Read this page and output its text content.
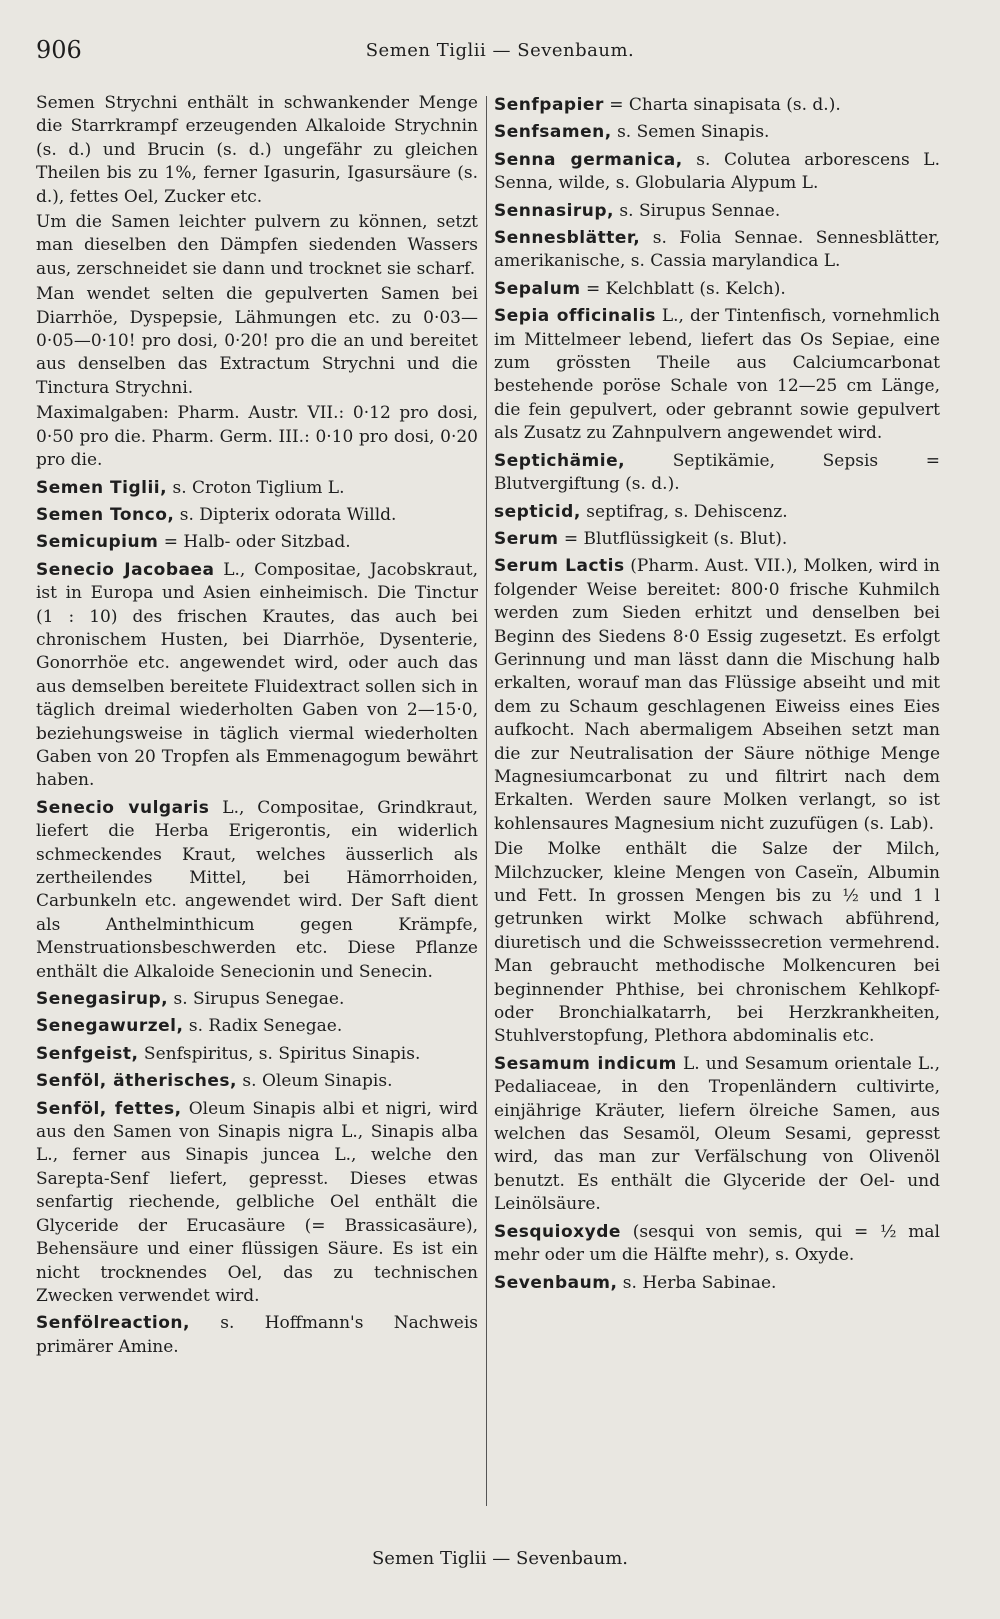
906	Semen Tiglii — Sevenbaum.

Semen Strychni enthält in schwankender Menge die Starrkrampf erzeugenden Alkaloide Strychnin (s. d.) und Brucin (s. d.) ungefähr zu gleichen Theilen bis zu 1%, ferner Igasurin, Igasursäure (s. d.), fettes Oel, Zucker etc.

Um die Samen leichter pulvern zu können, setzt man dieselben den Dämpfen siedenden Wassers aus, zerschneidet sie dann und trocknet sie scharf.

Man wendet selten die gepulverten Samen bei Diarrhöe, Dyspepsie, Lähmungen etc. zu 0·03—0·05—0·10! pro dosi, 0·20! pro die an und bereitet aus denselben das Extractum Strychni und die Tinctura Strychni.

Maximalgaben: Pharm. Austr. VII.: 0·12 pro dosi, 0·50 pro die. Pharm. Germ. III.: 0·10 pro dosi, 0·20 pro die.

Semen Tiglii, s. Croton Tiglium L.

Semen Tonco, s. Dipterix odorata Willd.

Semicupium = Halb- oder Sitzbad.

Senecio Jacobaea L., Compositae, Jacobskraut, ist in Europa und Asien einheimisch. Die Tinctur (1 : 10) des frischen Krautes, das auch bei chronischem Husten, bei Diarrhöe, Dysenterie, Gonorrhöe etc. angewendet wird, oder auch das aus demselben bereitete Fluidextract sollen sich in täglich dreimal wiederholten Gaben von 2—15·0, beziehungsweise in täglich viermal wiederholten Gaben von 20 Tropfen als Emmenagogum bewährt haben.

Senecio vulgaris L., Compositae, Grindkraut, liefert die Herba Erigerontis, ein widerlich schmeckendes Kraut, welches äusserlich als zertheilendes Mittel, bei Hämorrhoiden, Carbunkeln etc. angewendet wird. Der Saft dient als Anthelminthicum gegen Krämpfe, Menstruationsbeschwerden etc. Diese Pflanze enthält die Alkaloide Senecionin und Senecin.

Senegasirup, s. Sirupus Senegae.

Senegawurzel, s. Radix Senegae.

Senfgeist, Senfspiritus, s. Spiritus Sinapis.

Senföl, ätherisches, s. Oleum Sinapis.

Senföl, fettes, Oleum Sinapis albi et nigri, wird aus den Samen von Sinapis nigra L., Sinapis alba L., ferner aus Sinapis juncea L., welche den Sarepta-Senf liefert, gepresst. Dieses etwas senfartig riechende, gelbliche Oel enthält die Glyceride der Erucasäure (= Brassicasäure), Behensäure und einer flüssigen Säure. Es ist ein nicht trocknendes Oel, das zu technischen Zwecken verwendet wird.

Senfölreaction, s. Hoffmann's Nachweis primärer Amine.

Senfpapier = Charta sinapisata (s. d.).

Senfsamen, s. Semen Sinapis.

Senna germanica, s. Colutea arborescens L. Senna, wilde, s. Globularia Alypum L.

Sennasirup, s. Sirupus Sennae.

Sennesblätter, s. Folia Sennae. Sennesblätter, amerikanische, s. Cassia marylandica L.

Sepalum = Kelchblatt (s. Kelch).

Sepia officinalis L., der Tintenfisch, vornehmlich im Mittelmeer lebend, liefert das Os Sepiae, eine zum grössten Theile aus Calciumcarbonat bestehende poröse Schale von 12—25 cm Länge, die fein gepulvert, oder gebrannt sowie gepulvert als Zusatz zu Zahnpulvern angewendet wird.

Septichämie, Septikämie, Sepsis = Blutvergiftung (s. d.).

septicid, septifrag, s. Dehiscenz.

Serum = Blutflüssigkeit (s. Blut).

Serum Lactis (Pharm. Aust. VII.), Molken, wird in folgender Weise bereitet: 800·0 frische Kuhmilch werden zum Sieden erhitzt und denselben bei Beginn des Siedens 8·0 Essig zugesetzt. Es erfolgt Gerinnung und man lässt dann die Mischung halb erkalten, worauf man das Flüssige abseiht und mit dem zu Schaum geschlagenen Eiweiss eines Eies aufkocht. Nach abermaligem Abseihen setzt man die zur Neutralisation der Säure nöthige Menge Magnesiumcarbonat zu und filtrirt nach dem Erkalten. Werden saure Molken verlangt, so ist kohlensaures Magnesium nicht zuzufügen (s. Lab).

Die Molke enthält die Salze der Milch, Milchzucker, kleine Mengen von Caseïn, Albumin und Fett. In grossen Mengen bis zu ½ und 1 l getrunken wirkt Molke schwach abführend, diuretisch und die Schweisssecretion vermehrend. Man gebraucht methodische Molkencuren bei beginnender Phthise, bei chronischem Kehlkopf- oder Bronchialkatarrh, bei Herzkrankheiten, Stuhlverstopfung, Plethora abdominalis etc.

Sesamum indicum L. und Sesamum orientale L., Pedaliaceae, in den Tropenländern cultivirte, einjährige Kräuter, liefern ölreiche Samen, aus welchen das Sesamöl, Oleum Sesami, gepresst wird, das man zur Verfälschung von Olivenöl benutzt. Es enthält die Glyceride der Oel- und Leinölsäure.

Sesquioxyde (sesqui von semis, qui = ½ mal mehr oder um die Hälfte mehr), s. Oxyde.

Sevenbaum, s. Herba Sabinae.

Semen Tiglii — Sevenbaum.
